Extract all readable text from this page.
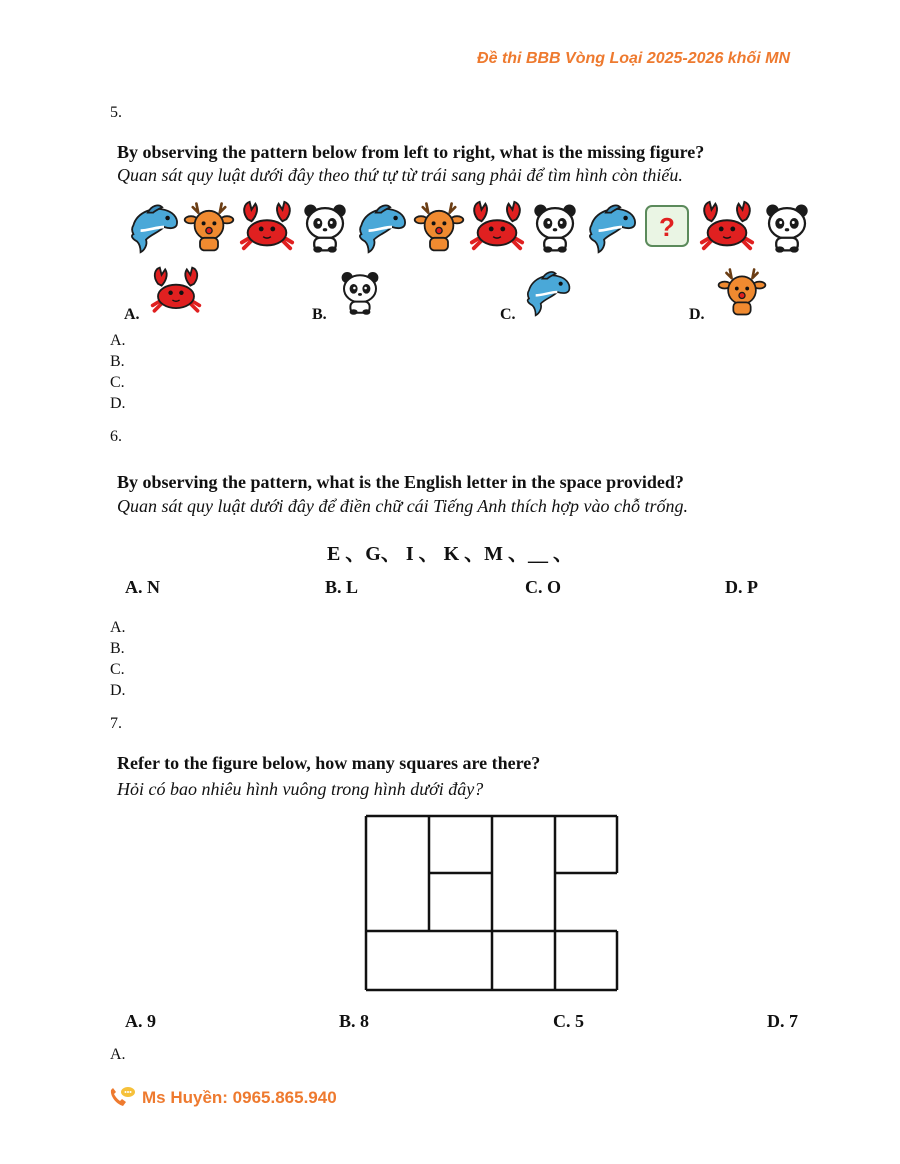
Đề thi BBB Vòng Loại 2025-2026 khối MN
5.
By observing the pattern below from left to right, what is the missing figure?
Quan sát quy luật dưới đây theo thứ tự từ trái sang phải để tìm hình còn thiếu.
?
A.	B.	C.	D.
A.
B.
C.
D.
6.
By observing the pattern, what is the English letter in the space provided?
Quan sát quy luật dưới đây để điền chữ cái Tiếng Anh thích hợp vào chỗ trống.
E 、G、 I 、 K 、M 、__ 、
A. N	B. L	C. O	D. P
A.
B.
C.
D.
7.
Refer to the figure below, how many squares are there?
Hỏi có bao nhiêu hình vuông trong hình dưới đây?
A. 9	B. 8	C. 5	D. 7
A.
Ms Huyền: 0965.865.940
